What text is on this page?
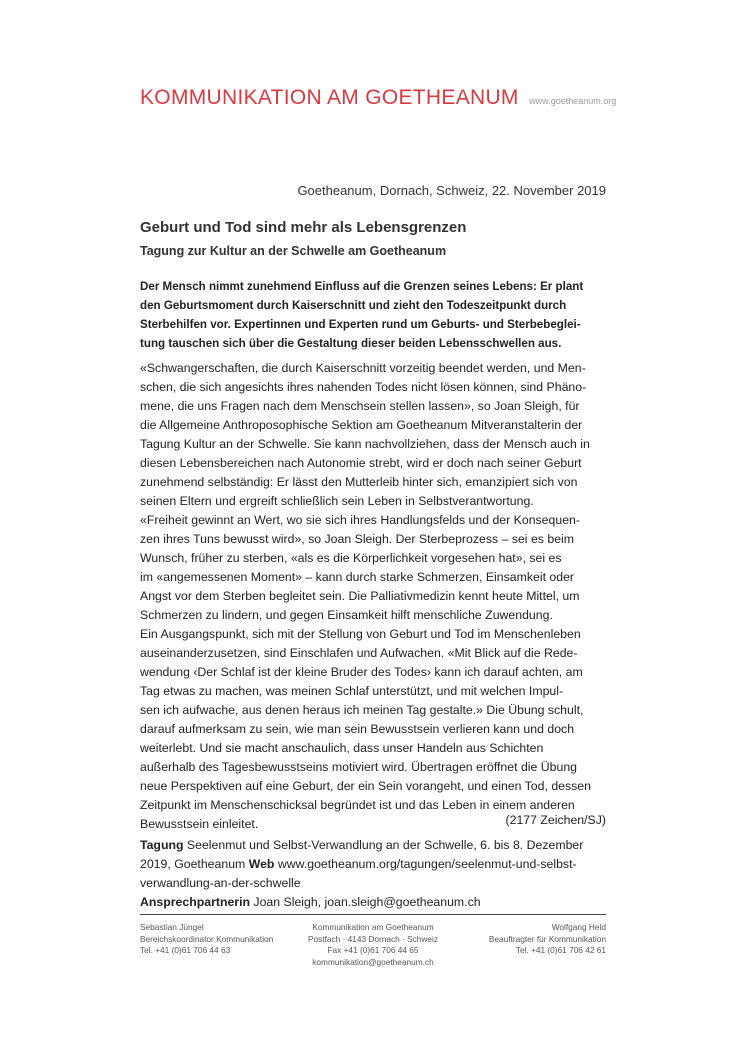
KOMMUNIKATION AM GOETHEANUM www.goetheanum.org
Goetheanum, Dornach, Schweiz, 22. November 2019
Geburt und Tod sind mehr als Lebensgrenzen
Tagung zur Kultur an der Schwelle am Goetheanum

Der Mensch nimmt zunehmend Einfluss auf die Grenzen seines Lebens: Er plant
den Geburtsmoment durch Kaiserschnitt und zieht den Todeszeitpunkt durch
Sterbehilfen vor. Expertinnen und Experten rund um Geburts- und Sterbebeglei-
tung tauschen sich über die Gestaltung dieser beiden Lebensschwellen aus.

«Schwangerschaften, die durch Kaiserschnitt vorzeitig beendet werden, und Men-
schen, die sich angesichts ihres nahenden Todes nicht lösen können, sind Phäno-
mene, die uns Fragen nach dem Menschsein stellen lassen», so Joan Sleigh, für
die Allgemeine Anthroposophische Sektion am Goetheanum Mitveranstalterin der
Tagung Kultur an der Schwelle. Sie kann nachvollziehen, dass der Mensch auch in
diesen Lebensbereichen nach Autonomie strebt, wird er doch nach seiner Geburt
zunehmend selbständig: Er lässt den Mutterleib hinter sich, emanzipiert sich von
seinen Eltern und ergreift schließlich sein Leben in Selbstverantwortung.

«Freiheit gewinnt an Wert, wo sie sich ihres Handlungsfelds und der Konsequen-
zen ihres Tuns bewusst wird», so Joan Sleigh. Der Sterbeprozess – sei es beim
Wunsch, früher zu sterben, «als es die Körperlichkeit vorgesehen hat», sei es
im «angemessenen Moment» – kann durch starke Schmerzen, Einsamkeit oder
Angst vor dem Sterben begleitet sein. Die Palliativmedizin kennt heute Mittel, um
Schmerzen zu lindern, und gegen Einsamkeit hilft menschliche Zuwendung.

Ein Ausgangspunkt, sich mit der Stellung von Geburt und Tod im Menschenleben
auseinanderzusetzen, sind Einschlafen und Aufwachen. «Mit Blick auf die Rede-
wendung ‹Der Schlaf ist der kleine Bruder des Todes› kann ich darauf achten, am
Tag etwas zu machen, was meinen Schlaf unterstützt, und mit welchen Impul-
sen ich aufwache, aus denen heraus ich meinen Tag gestalte.» Die Übung schult,
darauf aufmerksam zu sein, wie man sein Bewusstsein verlieren kann und doch
weiterlebt. Und sie macht anschaulich, dass unser Handeln aus Schichten
außerhalb des Tagesbewusstseins motiviert wird. Übertragen eröffnet die Übung
neue Perspektiven auf eine Geburt, der ein Sein vorangeht, und einen Tod, dessen
Zeitpunkt im Menschenschicksal begründet ist und das Leben in einem anderen
Bewusstsein einleitet.	(2177 Zeichen/SJ)

Tagung Seelenmut und Selbst-Verwandlung an der Schwelle, 6. bis 8. Dezember
2019, Goetheanum Web www.goetheanum.org/tagungen/seelenmut-und-selbst-
verwandlung-an-der-schwelle

Ansprechpartnerin Joan Sleigh, joan.sleigh@goetheanum.ch
Sebastian Jüngel
Bereichskoordinator Kommunikation
Tel. +41 (0)61 706 44 63
Kommunikation am Goetheanum
Postfach · 4143 Dornach · Schweiz
Fax +41 (0)61 706 44 65
kommunikation@goetheanum.ch
Wolfgang Held
Beauftragter für Kommunikation
Tel. +41 (0)61 706 42 61
